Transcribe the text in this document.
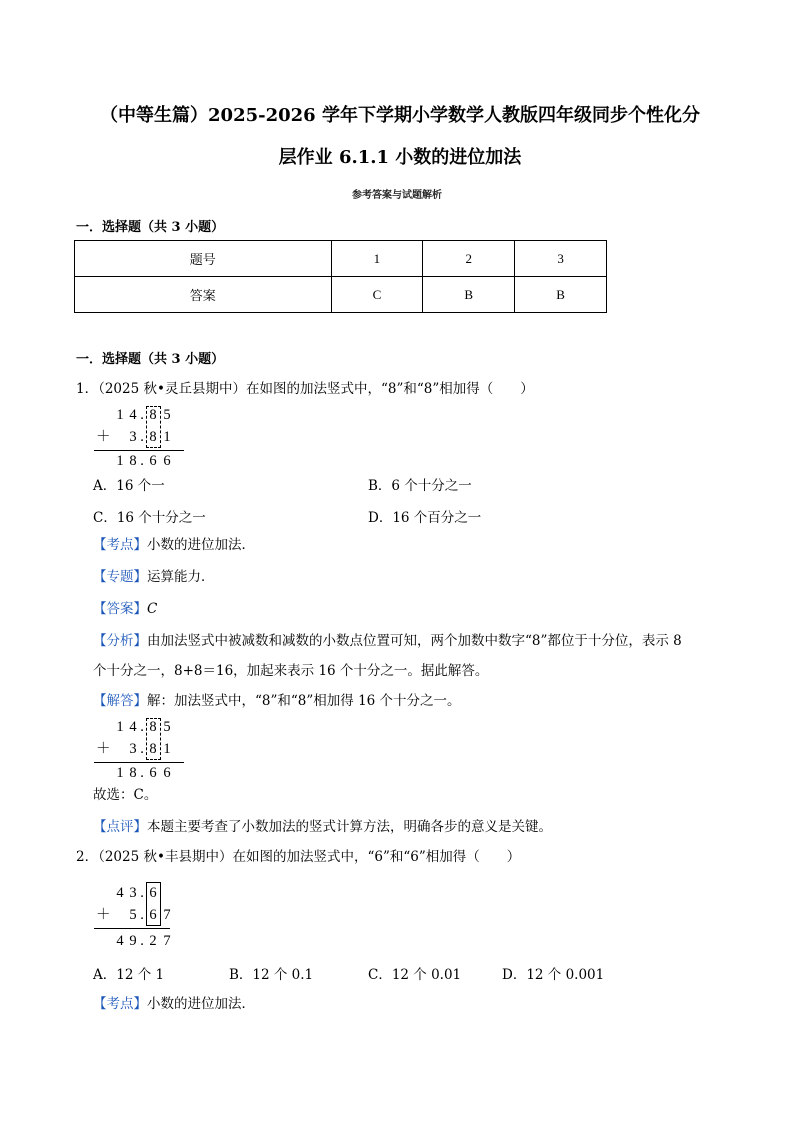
（中等生篇）2025-2026 学年下学期小学数学人教版四年级同步个性化分
层作业 6.1.1 小数的进位加法
参考答案与试题解析
一．选择题（共 3 小题）
题号	1	2	3
答案	C	B	B
一．选择题（共 3 小题）
1．（2025 秋•灵丘县期中）在如图的加法竖式中，“8”和“8”相加得（　　）
1 4 . 8 5
＋ 3 . 8 1
1 8 . 6 6
A．16 个一	B．6 个十分之一
C．16 个十分之一	D．16 个百分之一
【考点】小数的进位加法．
【专题】运算能力．
【答案】C
【分析】由加法竖式中被减数和减数的小数点位置可知，两个加数中数字“8”都位于十分位，表示 8
个十分之一，8+8＝16，加起来表示 16 个十分之一。据此解答。
【解答】解：加法竖式中，“8”和“8”相加得 16 个十分之一。
1 4 . 8 5
＋ 3 . 8 1
1 8 . 6 6
故选：C。
【点评】本题主要考查了小数加法的竖式计算方法，明确各步的意义是关键。
2．（2025 秋•丰县期中）在如图的加法竖式中，“6”和“6”相加得（　　）
4 3 . 6
＋ 5 . 6 7
4 9 . 2 7
A．12 个 1	B．12 个 0.1	C．12 个 0.01	D．12 个 0.001
【考点】小数的进位加法．
